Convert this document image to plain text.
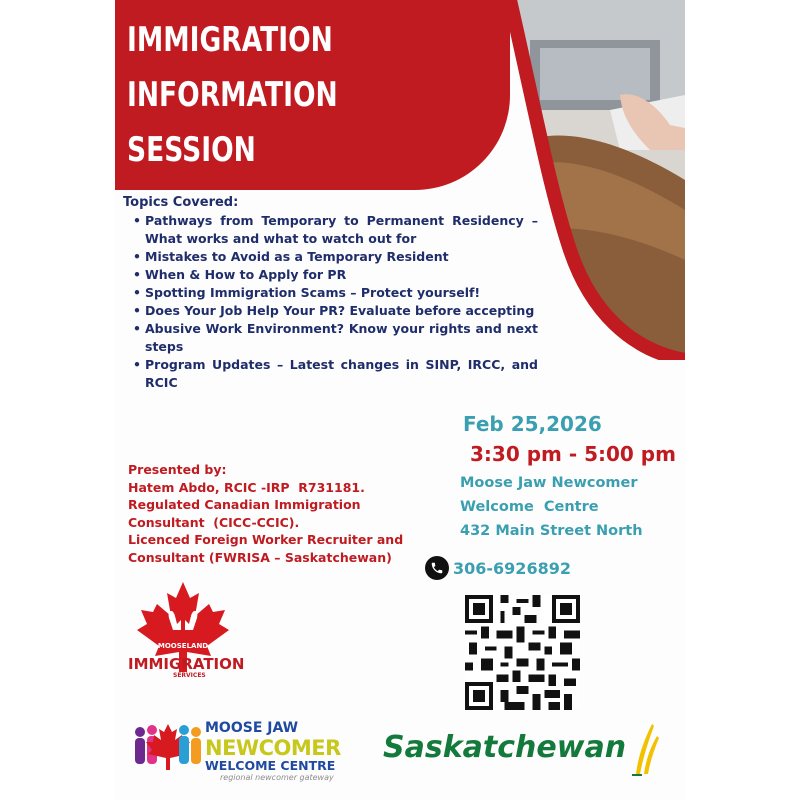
IMMIGRATION
INFORMATION
SESSION
Topics Covered:
• Pathways from Temporary to Permanent Residency – What works and what to watch out for
• Mistakes to Avoid as a Temporary Resident
• When & How to Apply for PR
• Spotting Immigration Scams – Protect yourself!
• Does Your Job Help Your PR? Evaluate before accepting
• Abusive Work Environment? Know your rights and next steps
• Program Updates – Latest changes in SINP, IRCC, and RCIC
Feb 25,2026
3:30 pm - 5:00 pm
Moose Jaw Newcomer
Welcome  Centre
432 Main Street North
306-6926892
Presented by:
Hatem Abdo, RCIC -IRP  R731181.
Regulated Canadian Immigration
Consultant  (CICC-CCIC).
Licenced Foreign Worker Recruiter and
Consultant (FWRISA – Saskatchewan)
MOOSELAND
IMMIGRATION
SERVICES
MOOSE JAW
NEWCOMER
WELCOME CENTRE
regional newcomer gateway
Saskatchewan
